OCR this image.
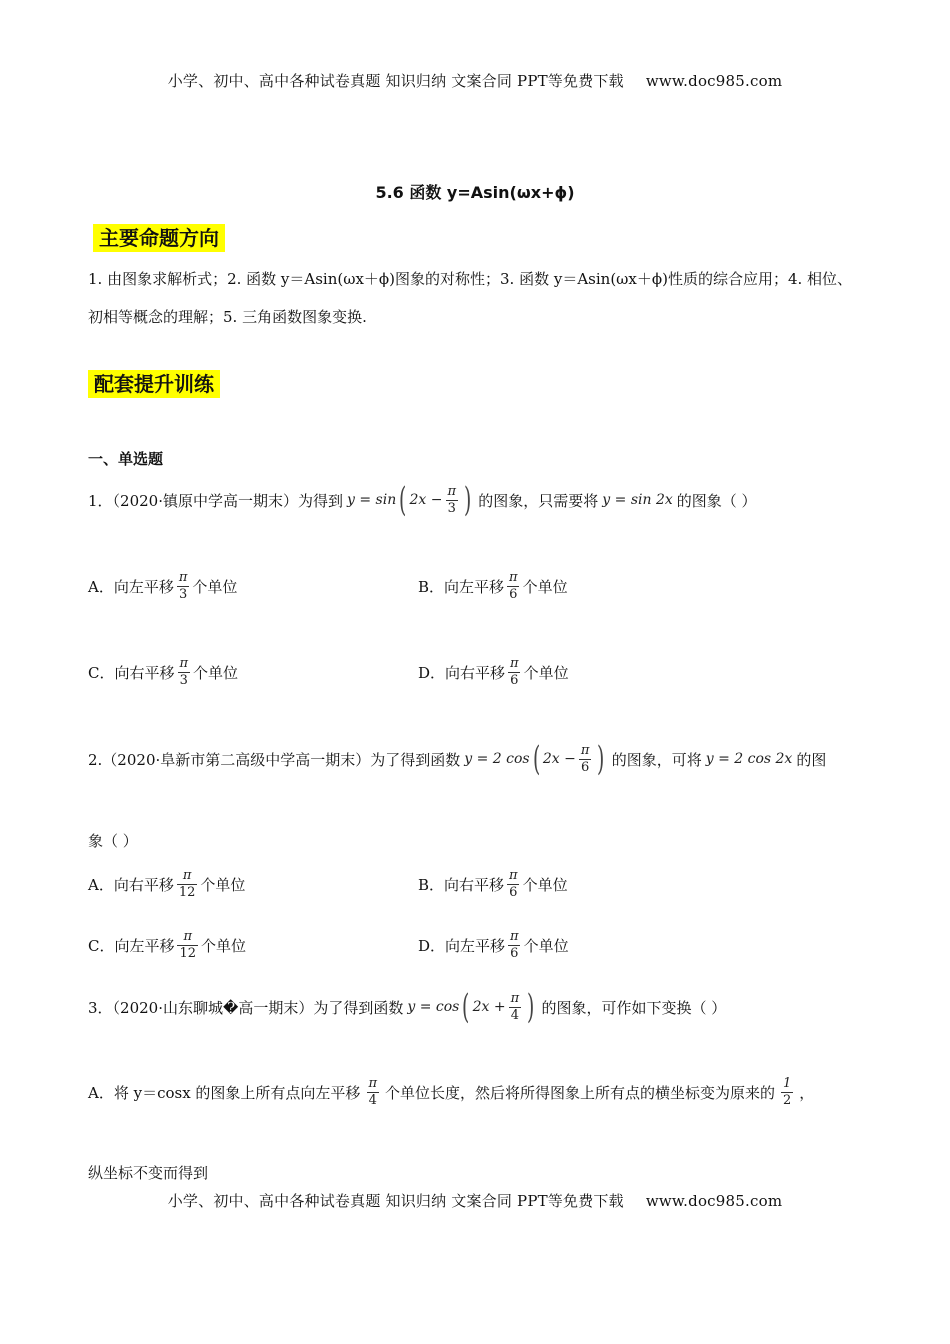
小学、初中、高中各种试卷真题 知识归纳 文案合同 PPT等免费下载 www.doc985.com
5.6 函数 y=Asin(ωx+ϕ)
主要命题方向
1. 由图象求解析式；2. 函数 y＝Asin(ωx＋ϕ)图象的对称性；3. 函数 y＝Asin(ωx＋ϕ)性质的综合应用；4. 相位、初相等概念的理解；5. 三角函数图象变换.
配套提升训练
一、单选题
1．（2020·镇原中学高一期末）为得到 y = sin ( $2x - \frac{\pi}{3}$ ) 的图象，只需要将 y = sin 2x 的图象（ ）
A．向左平移 $\frac{\pi}{3}$ 个单位	B．向左平移 $\frac{\pi}{6}$ 个单位
C．向右平移 $\frac{\pi}{3}$ 个单位	D．向右平移 $\frac{\pi}{6}$ 个单位
2.（2020·阜新市第二高级中学高一期末）为了得到函数 y = 2 cos ( $2x - \frac{\pi}{6}$ ) 的图象，可将 y = 2 cos 2x 的图
象（ ）
A．向右平移 $\frac{\pi}{12}$ 个单位	B．向右平移 $\frac{\pi}{6}$ 个单位
C．向左平移 $\frac{\pi}{12}$ 个单位	D．向左平移 $\frac{\pi}{6}$ 个单位
3．（2020·山东聊城�高一期末）为了得到函数 y = cos ( $2x + \frac{\pi}{4}$ ) 的图象，可作如下变换（ ）
A．将 y＝cosx 的图象上所有点向左平移 $\frac{\pi}{4}$ 个单位长度，然后将所得图象上所有点的横坐标变为原来的 $\frac{1}{2}$ ，
纵坐标不变而得到
小学、初中、高中各种试卷真题 知识归纳 文案合同 PPT等免费下载 www.doc985.com
